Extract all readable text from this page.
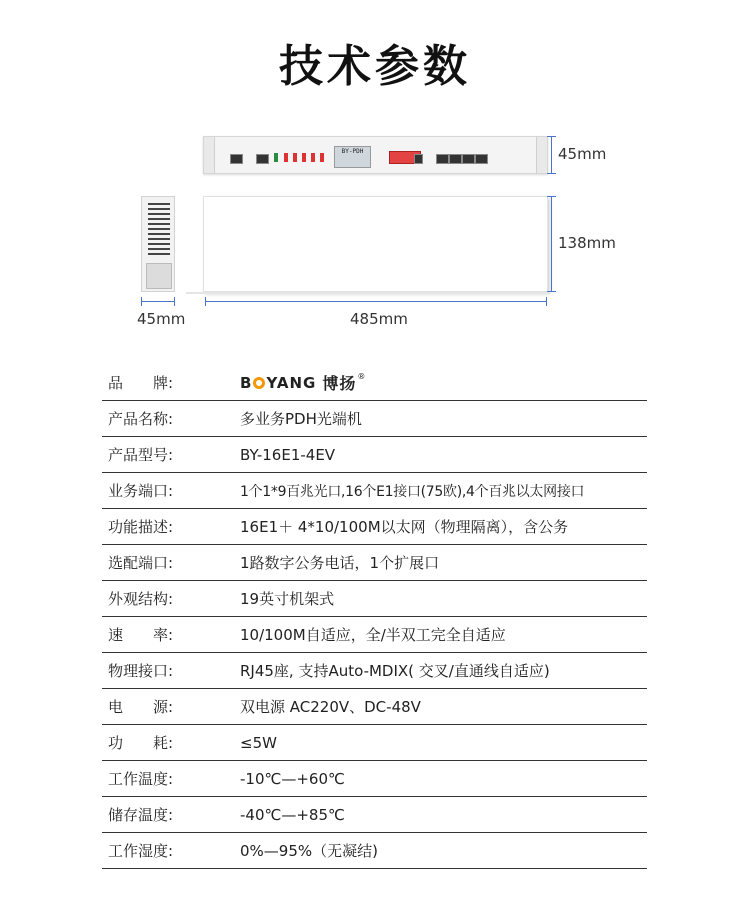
技术参数
BY-PDH	45mm
138mm
485mm
45mm
品　　牌:	B YANG 博扬 ®
产品名称:	多业务PDH光端机
产品型号:	BY-16E1-4EV
业务端口:	1个1*9百兆光口,16个E1接口(75欧),4个百兆以太网接口
功能描述:	16E1＋ 4*10/100M以太网（物理隔离），含公务
选配端口:	1路数字公务电话，1个扩展口
外观结构:	19英寸机架式
速　　率:	10/100M自适应，全/半双工完全自适应
物理接口:	RJ45座, 支持Auto-MDIX( 交叉/直通线自适应)
电　　源:	双电源 AC220V、DC-48V
功　　耗:	≤5W
工作温度:	-10℃—+60℃
储存温度:	-40℃—+85℃
工作湿度:	0%—95%（无凝结)
